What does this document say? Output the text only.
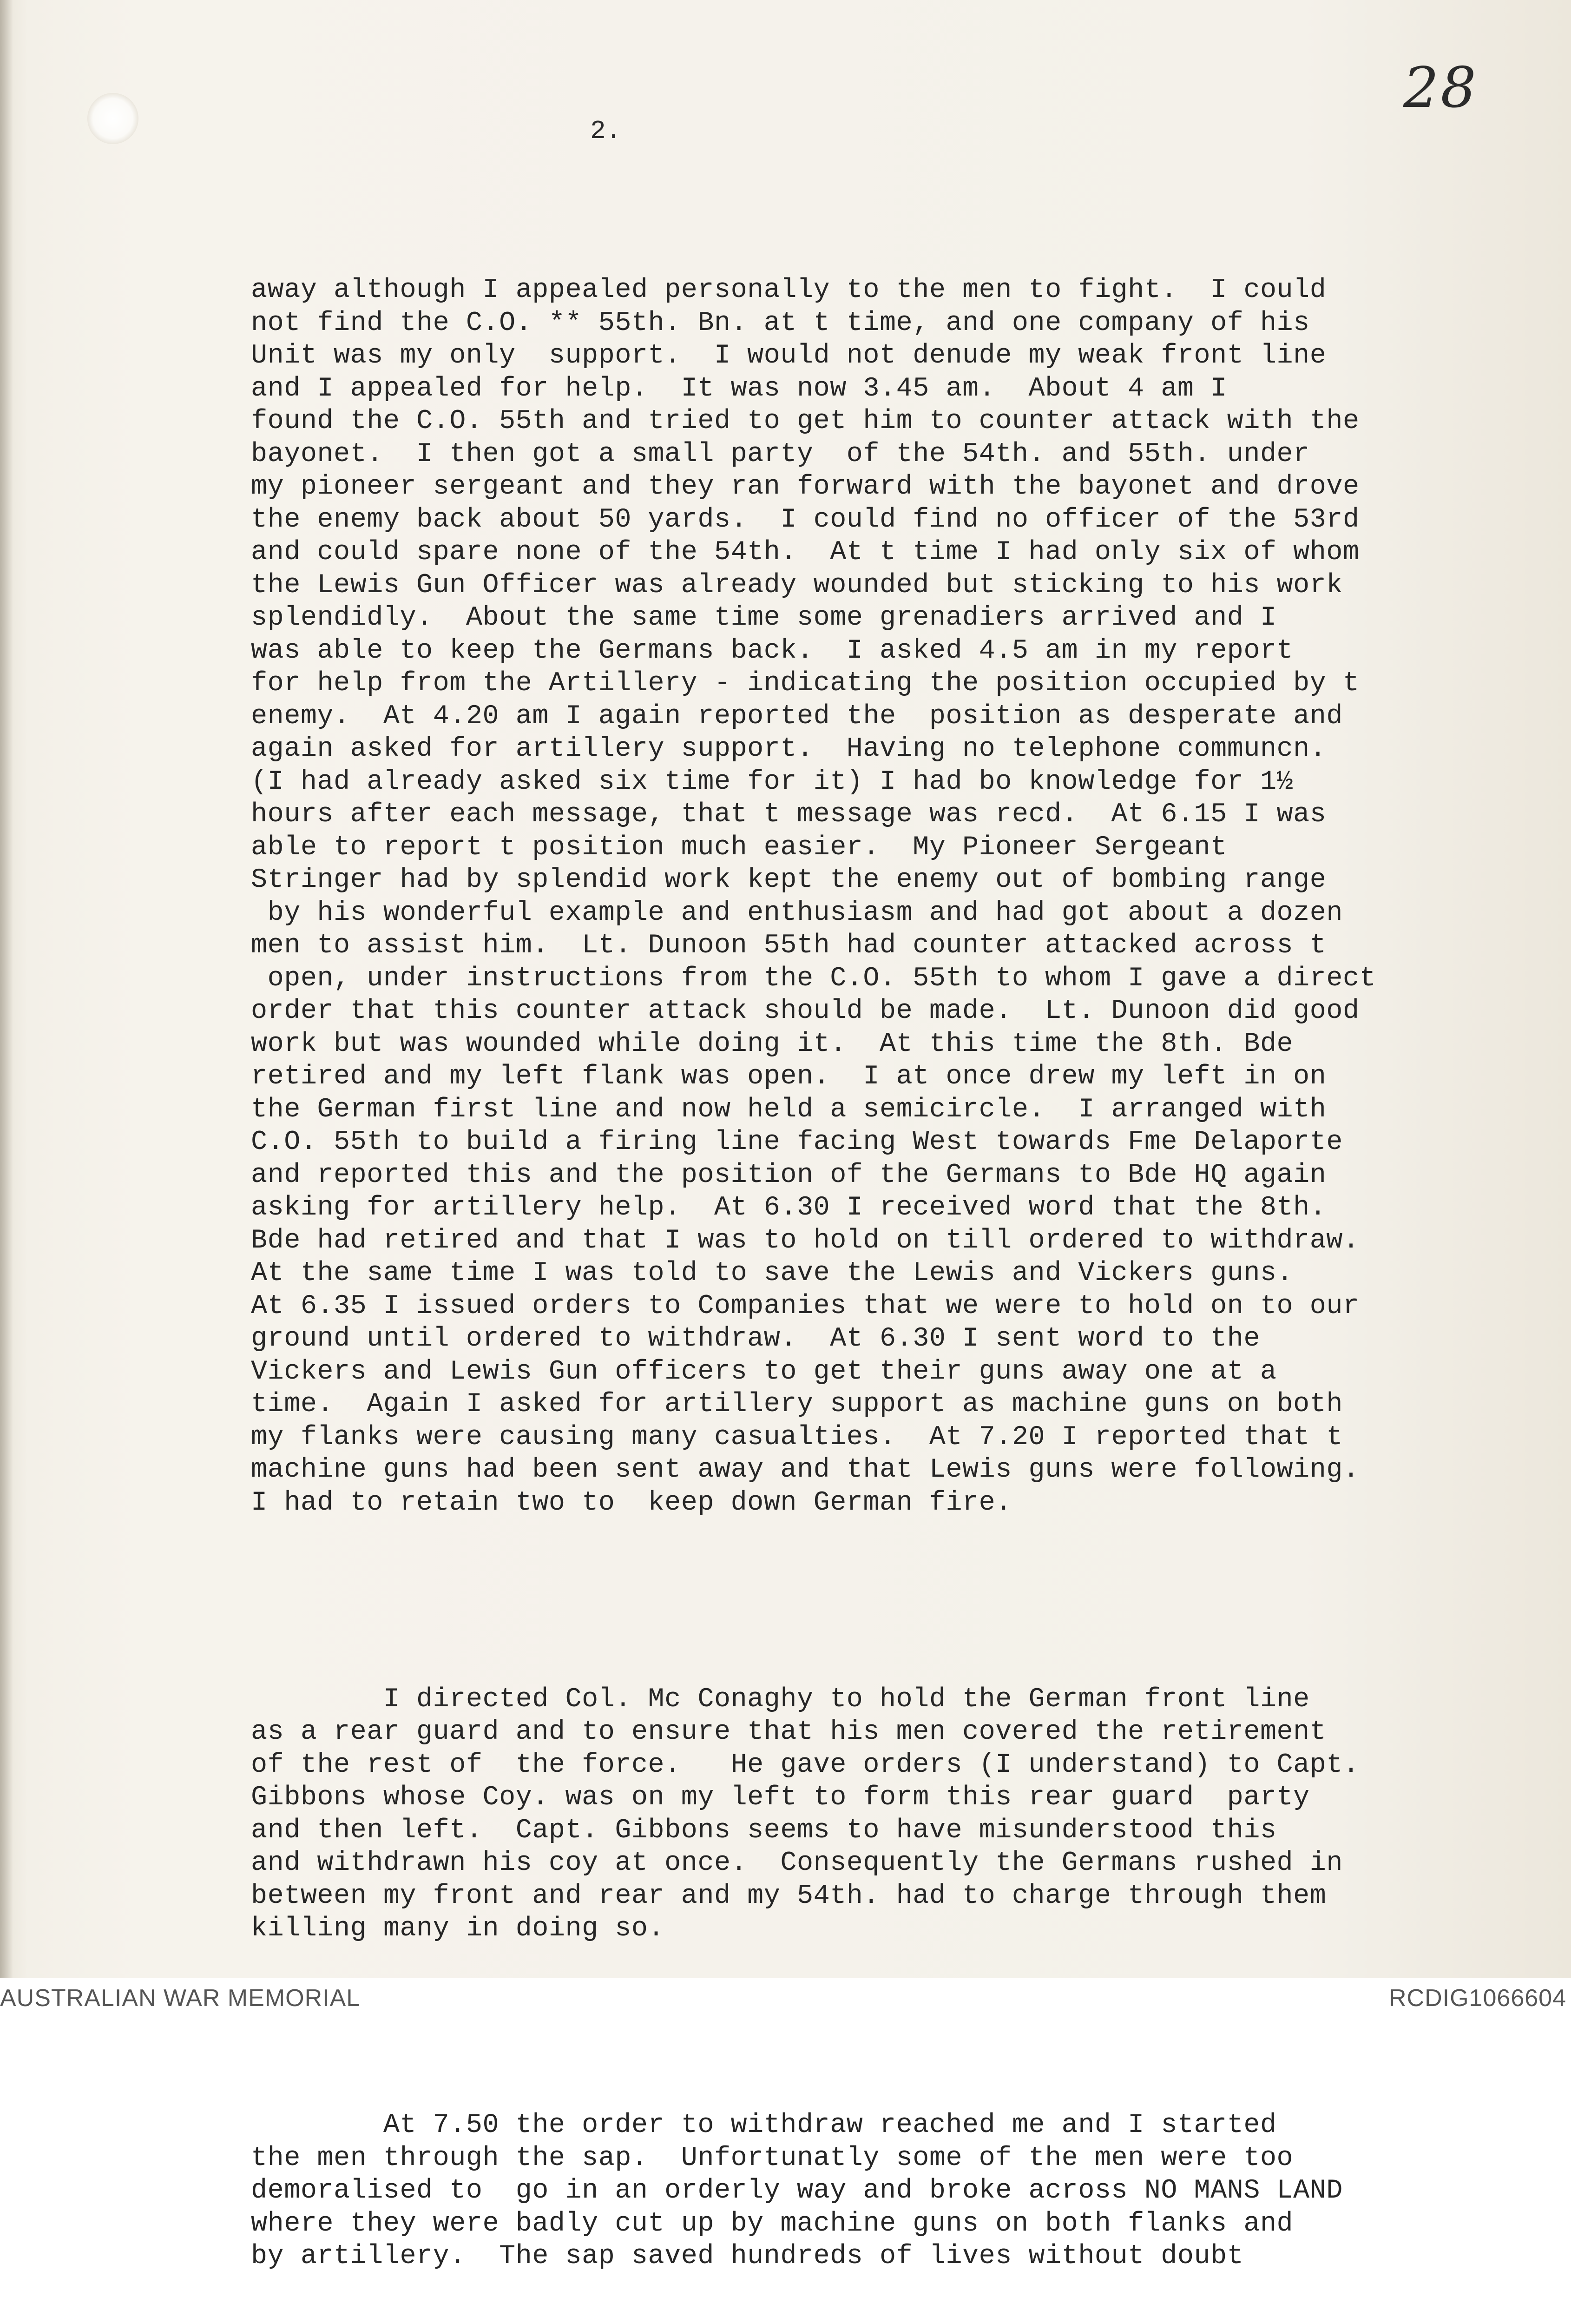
28
2.

away although I appealed personally to the men to fight.  I could
not find the C.O. ** 55th. Bn. at t time, and one company of his
Unit was my only  support.  I would not denude my weak front line
and I appealed for help.  It was now 3.45 am.  About 4 am I
found the C.O. 55th and tried to get him to counter attack with the
bayonet.  I then got a small party  of the 54th. and 55th. under
my pioneer sergeant and they ran forward with the bayonet and drove
the enemy back about 50 yards.  I could find no officer of the 53rd
and could spare none of the 54th.  At t time I had only six of whom
the Lewis Gun Officer was already wounded but sticking to his work
splendidly.  About the same time some grenadiers arrived and I
was able to keep the Germans back.  I asked 4.5 am in my report
for help from the Artillery - indicating the position occupied by t
enemy.  At 4.20 am I again reported the  position as desperate and
again asked for artillery support.  Having no telephone communcn.
(I had already asked six time for it) I had bo knowledge for 1½
hours after each message, that t message was recd.  At 6.15 I was
able to report t position much easier.  My Pioneer Sergeant
Stringer had by splendid work kept the enemy out of bombing range
by his wonderful example and enthusiasm and had got about a dozen
men to assist him.  Lt. Dunoon 55th had counter attacked across t
open, under instructions from the C.O. 55th to whom I gave a direct
order that this counter attack should be made.  Lt. Dunoon did good
work but was wounded while doing it.  At this time the 8th. Bde
retired and my left flank was open.  I at once drew my left in on
the German first line and now held a semicircle.  I arranged with
C.O. 55th to build a firing line facing West towards Fme Delaporte
and reported this and the position of the Germans to Bde HQ again
asking for artillery help.  At 6.30 I received word that the 8th.
Bde had retired and that I was to hold on till ordered to withdraw.
At the same time I was told to save the Lewis and Vickers guns.
At 6.35 I issued orders to Companies that we were to hold on to our
ground until ordered to withdraw.  At 6.30 I sent word to the
Vickers and Lewis Gun officers to get their guns away one at a
time.  Again I asked for artillery support as machine guns on both
my flanks were causing many casualties.  At 7.20 I reported that t
machine guns had been sent away and that Lewis guns were following.
I had to retain two to  keep down German fire.

I directed Col. Mc Conaghy to hold the German front line
as a rear guard and to ensure that his men covered the retirement
of the rest of  the force.   He gave orders (I understand) to Capt.
Gibbons whose Coy. was on my left to form this rear guard  party
and then left.  Capt. Gibbons seems to have misunderstood this
and withdrawn his coy at once.  Consequently the Germans rushed in
between my front and rear and my 54th. had to charge through them
killing many in doing so.

At 7.50 the order to withdraw reached me and I started
the men through the sap.  Unfortunatly some of the men were too
demoralised to  go in an orderly way and broke across NO MANS LAND
where they were badly cut up by machine guns on both flanks and
by artillery.  The sap saved hundreds of lives without doubt

AUSTRALIAN WAR MEMORIAL	RCDIG1066604
